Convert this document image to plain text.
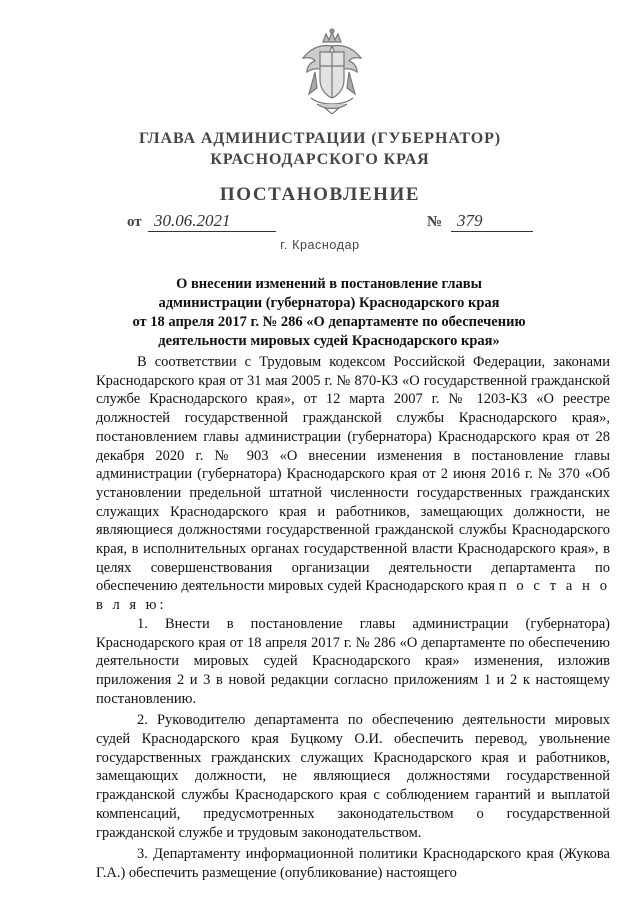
ГЛАВА АДМИНИСТРАЦИИ (ГУБЕРНАТОР)
КРАСНОДАРСКОГО КРАЯ
ПОСТАНОВЛЕНИЕ
от 30.06.2021	№ 379
г. Краснодар
О внесении изменений в постановление главы
администрации (губернатора) Краснодарского края
от 18 апреля 2017 г. № 286 «О департаменте по обеспечению
деятельности мировых судей Краснодарского края»

В соответствии с Трудовым кодексом Российской Федерации, законами Краснодарского края от 31 мая 2005 г. № 870-КЗ «О государственной гражданской службе Краснодарского края», от 12 марта 2007 г. № 1203-КЗ «О реестре должностей государственной гражданской службы Краснодарского края», постановлением главы администрации (губернатора) Краснодарского края от 28 декабря 2020 г. № 903 «О внесении изменения в постановление главы администрации (губернатора) Краснодарского края от 2 июня 2016 г. № 370 «Об установлении предельной штатной численности государственных гражданских служащих Краснодарского края и работников, замещающих должности, не являющиеся должностями государственной гражданской службы Краснодарского края, в исполнительных органах государственной власти Краснодарского края», в целях совершенствования организации деятельности департамента по обеспечению деятельности мировых судей Краснодарского края п о с т а н о в л я ю:

1. Внести в постановление главы администрации (губернатора) Краснодарского края от 18 апреля 2017 г. № 286 «О департаменте по обеспечению деятельности мировых судей Краснодарского края» изменения, изложив приложения 2 и 3 в новой редакции согласно приложениям 1 и 2 к настоящему постановлению.

2. Руководителю департамента по обеспечению деятельности мировых судей Краснодарского края Буцкому О.И. обеспечить перевод, увольнение государственных гражданских служащих Краснодарского края и работников, замещающих должности, не являющиеся должностями государственной гражданской службы Краснодарского края с соблюдением гарантий и выплатой компенсаций, предусмотренных законодательством о государственной гражданской службе и трудовым законодательством.

3. Департаменту информационной политики Краснодарского края (Жукова Г.А.) обеспечить размещение (опубликование) настоящего
